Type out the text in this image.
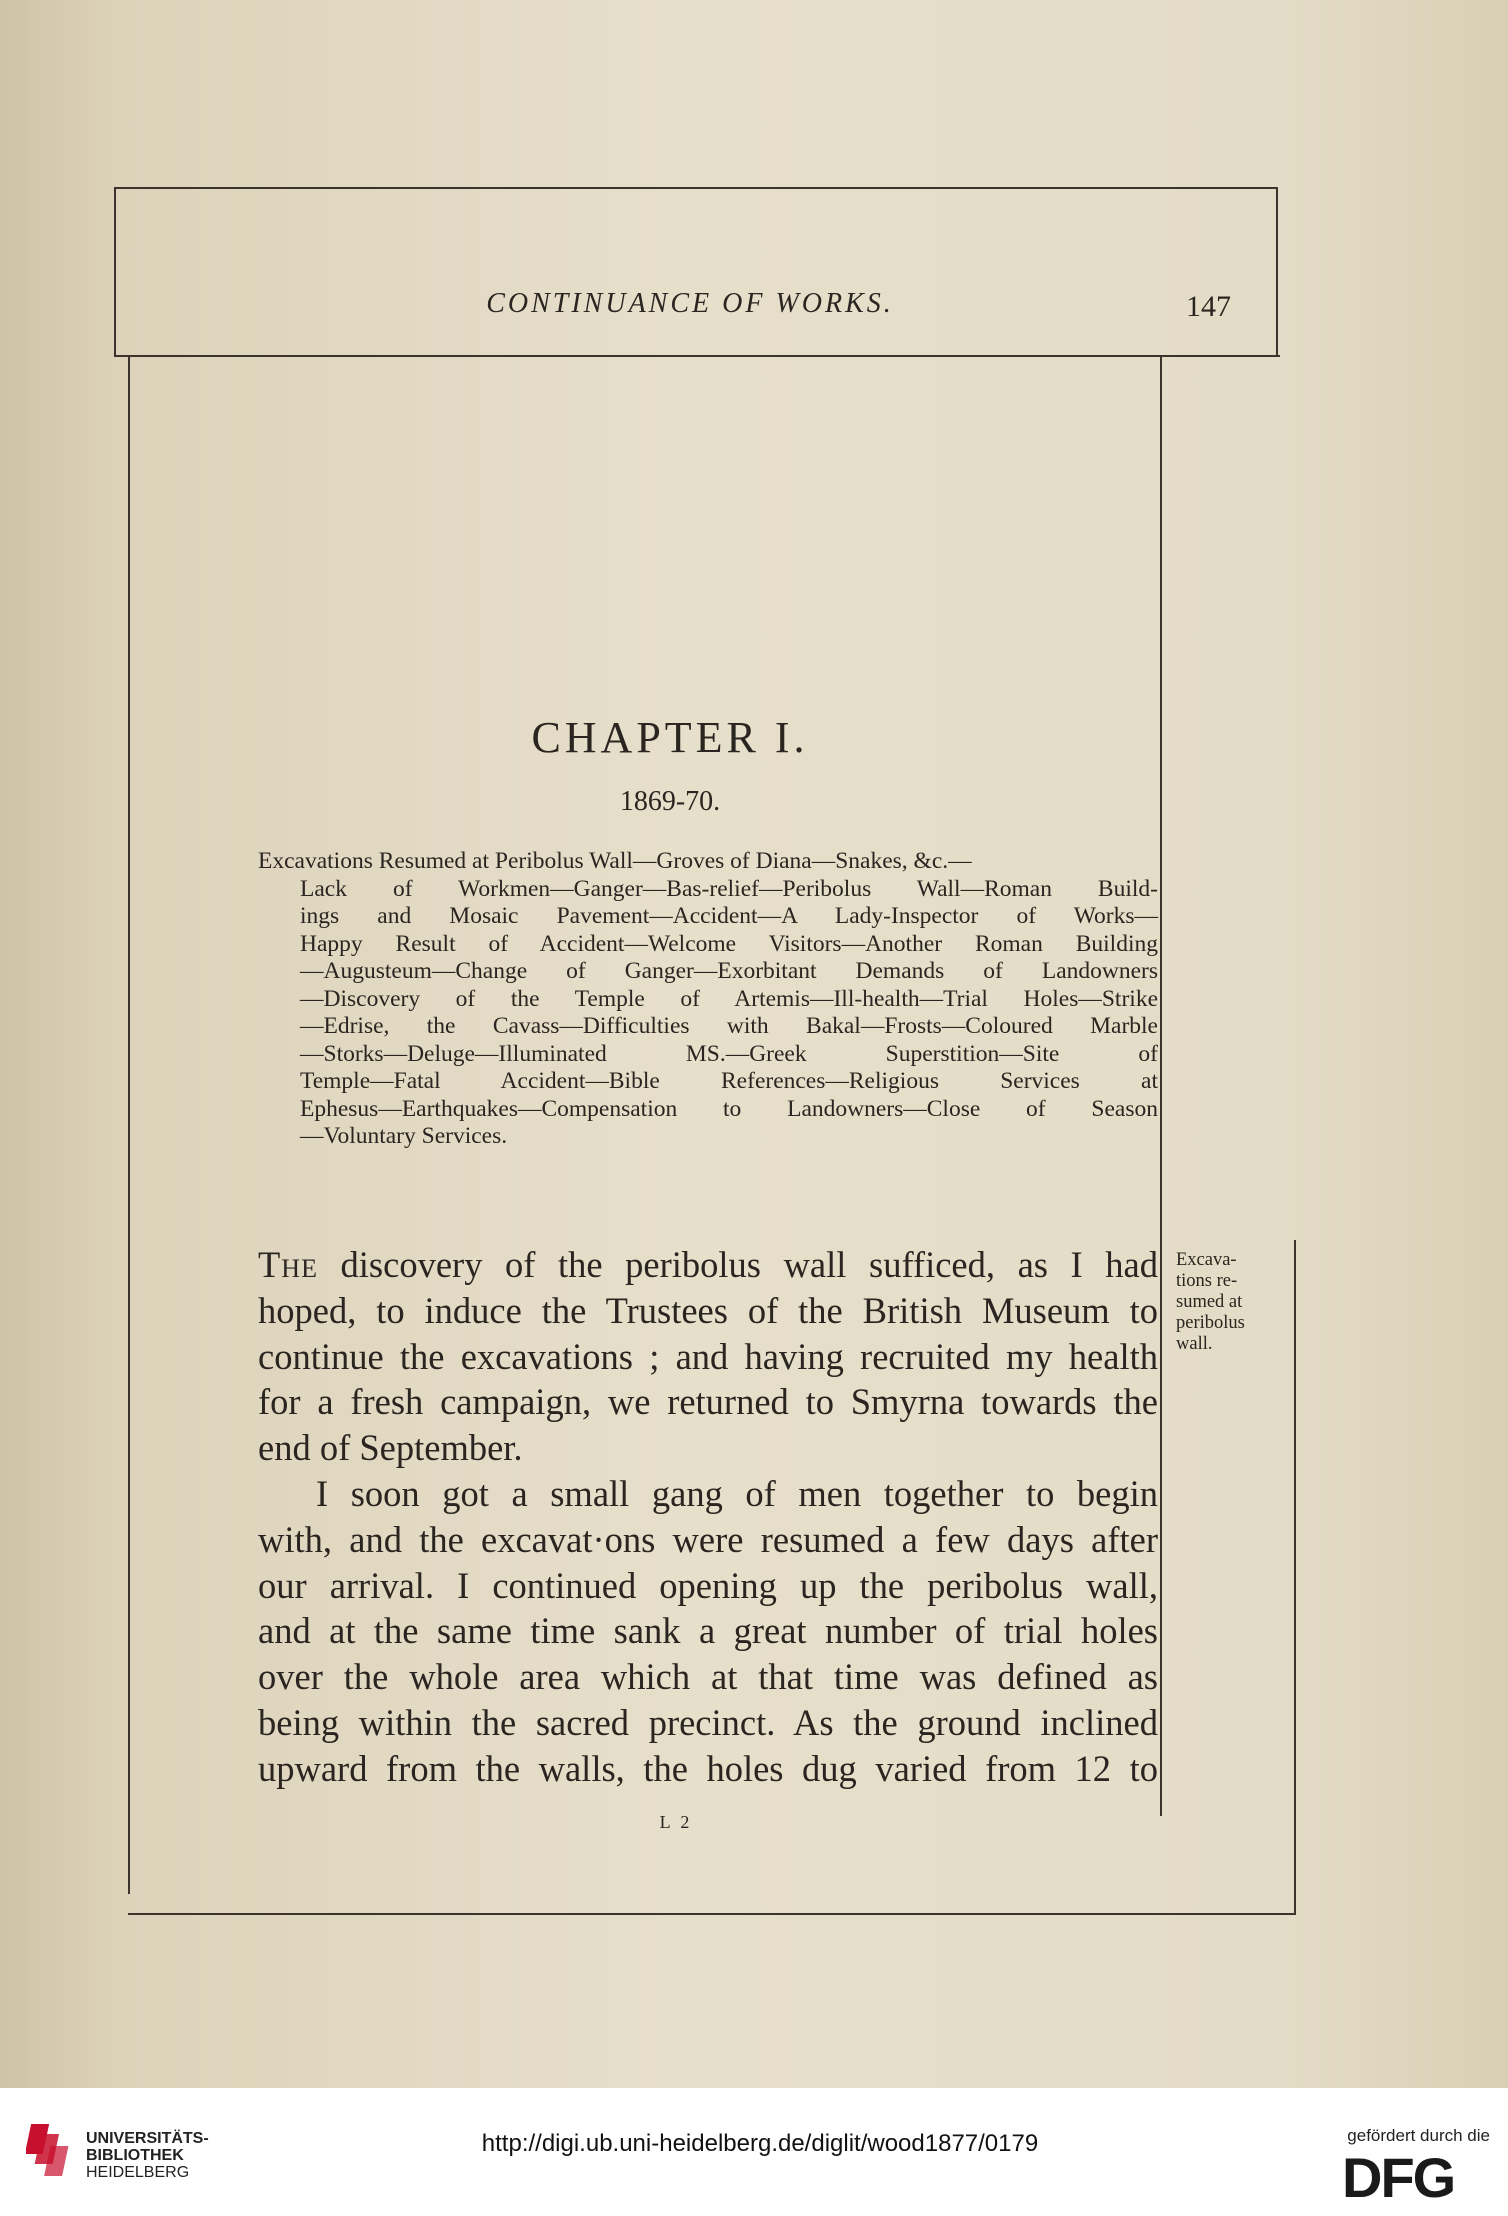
CONTINUANCE OF WORKS.	147
CHAPTER I.
1869-70.
Excavations Resumed at Peribolus Wall—Groves of Diana—Snakes, &c.—
Lack of Workmen—Ganger—Bas-relief—Peribolus Wall—Roman Build-
ings and Mosaic Pavement—Accident—A Lady-Inspector of Works—
Happy Result of Accident—Welcome Visitors—Another Roman Building
—Augusteum—Change of Ganger—Exorbitant Demands of Landowners
—Discovery of the Temple of Artemis—Ill-health—Trial Holes—Strike
—Edrise, the Cavass—Difficulties with Bakal—Frosts—Coloured Marble
—Storks—Deluge—Illuminated MS.—Greek Superstition—Site of
Temple—Fatal Accident—Bible References—Religious Services at
Ephesus—Earthquakes—Compensation to Landowners—Close of Season
—Voluntary Services.
The discovery of the peribolus wall sufficed, as I had
hoped, to induce the Trustees of the British Museum to
continue the excavations ; and having recruited my health
for a fresh campaign, we returned to Smyrna towards the
end of September.
I soon got a small gang of men together to begin
with, and the excavat·ons were resumed a few days after
our arrival. I continued opening up the peribolus wall,
and at the same time sank a great number of trial holes
over the whole area which at that time was defined as
being within the sacred precinct. As the ground inclined
upward from the walls, the holes dug varied from 12 to
Excava-
tions re-
sumed at
peribolus
wall.
L 2
UNIVERSITÄTS-
BIBLIOTHEK
HEIDELBERG
http://digi.ub.uni-heidelberg.de/diglit/wood1877/0179	gefördert durch die
DFG
